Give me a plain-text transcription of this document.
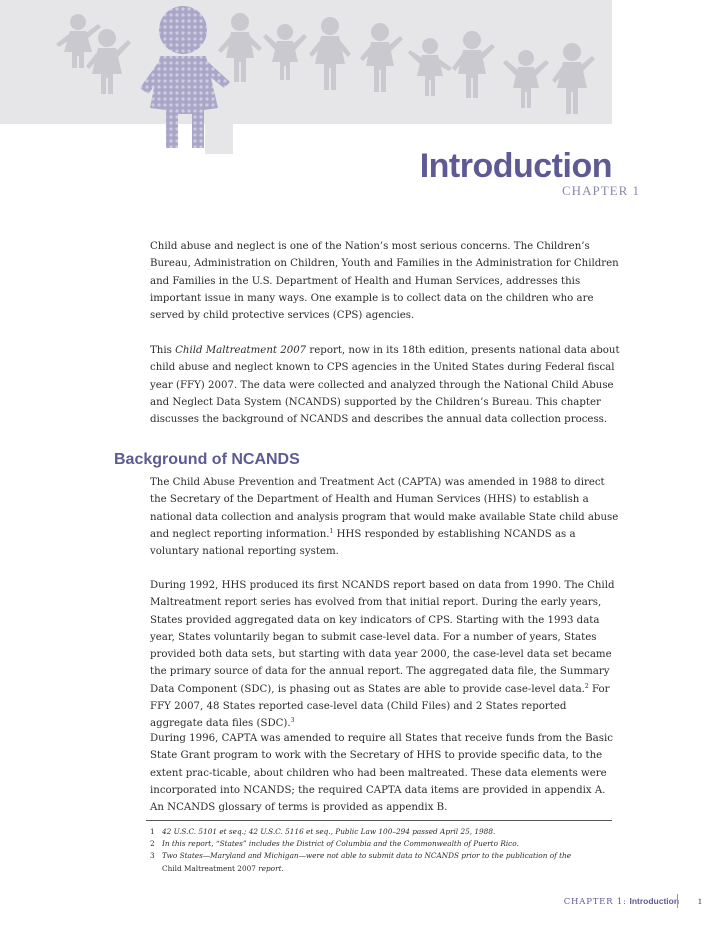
Introduction
CHAPTER 1

Child abuse and neglect is one of the Nation’s most serious concerns. The Children’s Bureau, Administration on Children, Youth and Families in the Administration for Children and Families in the U.S. Department of Health and Human Services, addresses this important issue in many ways. One example is to collect data on the children who are served by child protective services (CPS) agencies.

This Child Maltreatment 2007 report, now in its 18th edition, presents national data about child abuse and neglect known to CPS agencies in the United States during Federal fiscal year (FFY) 2007. The data were collected and analyzed through the National Child Abuse and Neglect Data System (NCANDS) supported by the Children’s Bureau. This chapter discusses the background of NCANDS and describes the annual data collection process.

Background of NCANDS

The Child Abuse Prevention and Treatment Act (CAPTA) was amended in 1988 to direct the Secretary of the Department of Health and Human Services (HHS) to establish a national data collection and analysis program that would make available State child abuse and neglect reporting information.$^1$ HHS responded by establishing NCANDS as a voluntary national reporting system.

During 1992, HHS produced its first NCANDS report based on data from 1990. The Child Maltreatment report series has evolved from that initial report. During the early years, States provided aggregated data on key indicators of CPS. Starting with the 1993 data year, States voluntarily began to submit case-level data. For a number of years, States provided both data sets, but starting with data year 2000, the case-level data set became the primary source of data for the annual report. The aggregated data file, the Summary Data Component (SDC), is phasing out as States are able to provide case-level data.$^2$ For FFY 2007, 48 States reported case-level data (Child Files) and 2 States reported aggregate data files (SDC).$^3$

During 1996, CAPTA was amended to require all States that receive funds from the Basic State Grant program to work with the Secretary of HHS to provide specific data, to the extent prac-ticable, about children who had been maltreated. These data elements were incorporated into NCANDS; the required CAPTA data items are provided in appendix A. An NCANDS glossary of terms is provided as appendix B.

1 42 U.S.C. 5101 et seq.; 42 U.S.C. 5116 et seq., Public Law 100–294 passed April 25, 1988.
2 In this report, “States” includes the District of Columbia and the Commonwealth of Puerto Rico.
3 Two States—Maryland and Michigan—were not able to submit data to NCANDS prior to the publication of the
Child Maltreatment 2007 report.
CHAPTER 1: Introduction 1
